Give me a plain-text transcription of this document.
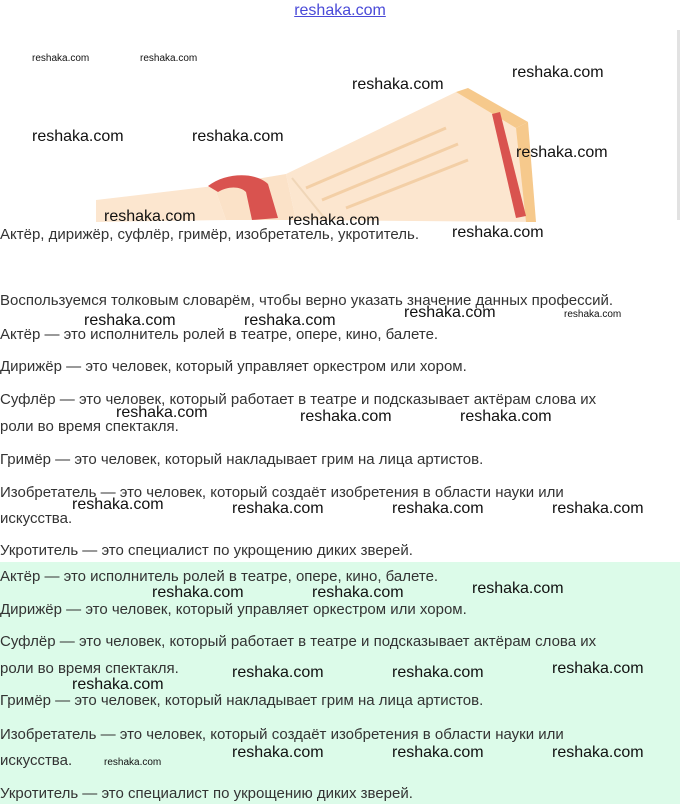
reshaka.com
Актёр, дирижёр, суфлёр, гримёр, изобретатель, укротитель.
Воспользуемся толковым словарём, чтобы верно указать значение данных профессий.
Актёр — это исполнитель ролей в театре, опере, кино, балете.
Дирижёр — это человек, который управляет оркестром или хором.
Суфлёр — это человек, который работает в театре и подсказывает актёрам слова их
роли во время спектакля.
Гримёр — это человек, который накладывает грим на лица артистов.
Изобретатель — это человек, который создаёт изобретения в области науки или
искусства.
Укротитель — это специалист по укрощению диких зверей.
Актёр — это исполнитель ролей в театре, опере, кино, балете.
Дирижёр — это человек, который управляет оркестром или хором.
Суфлёр — это человек, который работает в театре и подсказывает актёрам слова их
роли во время спектакля.
Гримёр — это человек, который накладывает грим на лица артистов.
Изобретатель — это человек, который создаёт изобретения в области науки или
искусства.
Укротитель — это специалист по укрощению диких зверей.
reshaka.com	reshaka.com
reshaka.com
reshaka.com
reshaka.com	reshaka.com
reshaka.com
reshaka.com	reshaka.com
reshaka.com
reshaka.com	reshaka.com	reshaka.com	reshaka.com
reshaka.com	reshaka.com	reshaka.com
reshaka.com	reshaka.com	reshaka.com	reshaka.com
reshaka.com	reshaka.com	reshaka.com
reshaka.com	reshaka.com	reshaka.com
reshaka.com
reshaka.com	reshaka.com	reshaka.com
reshaka.com
